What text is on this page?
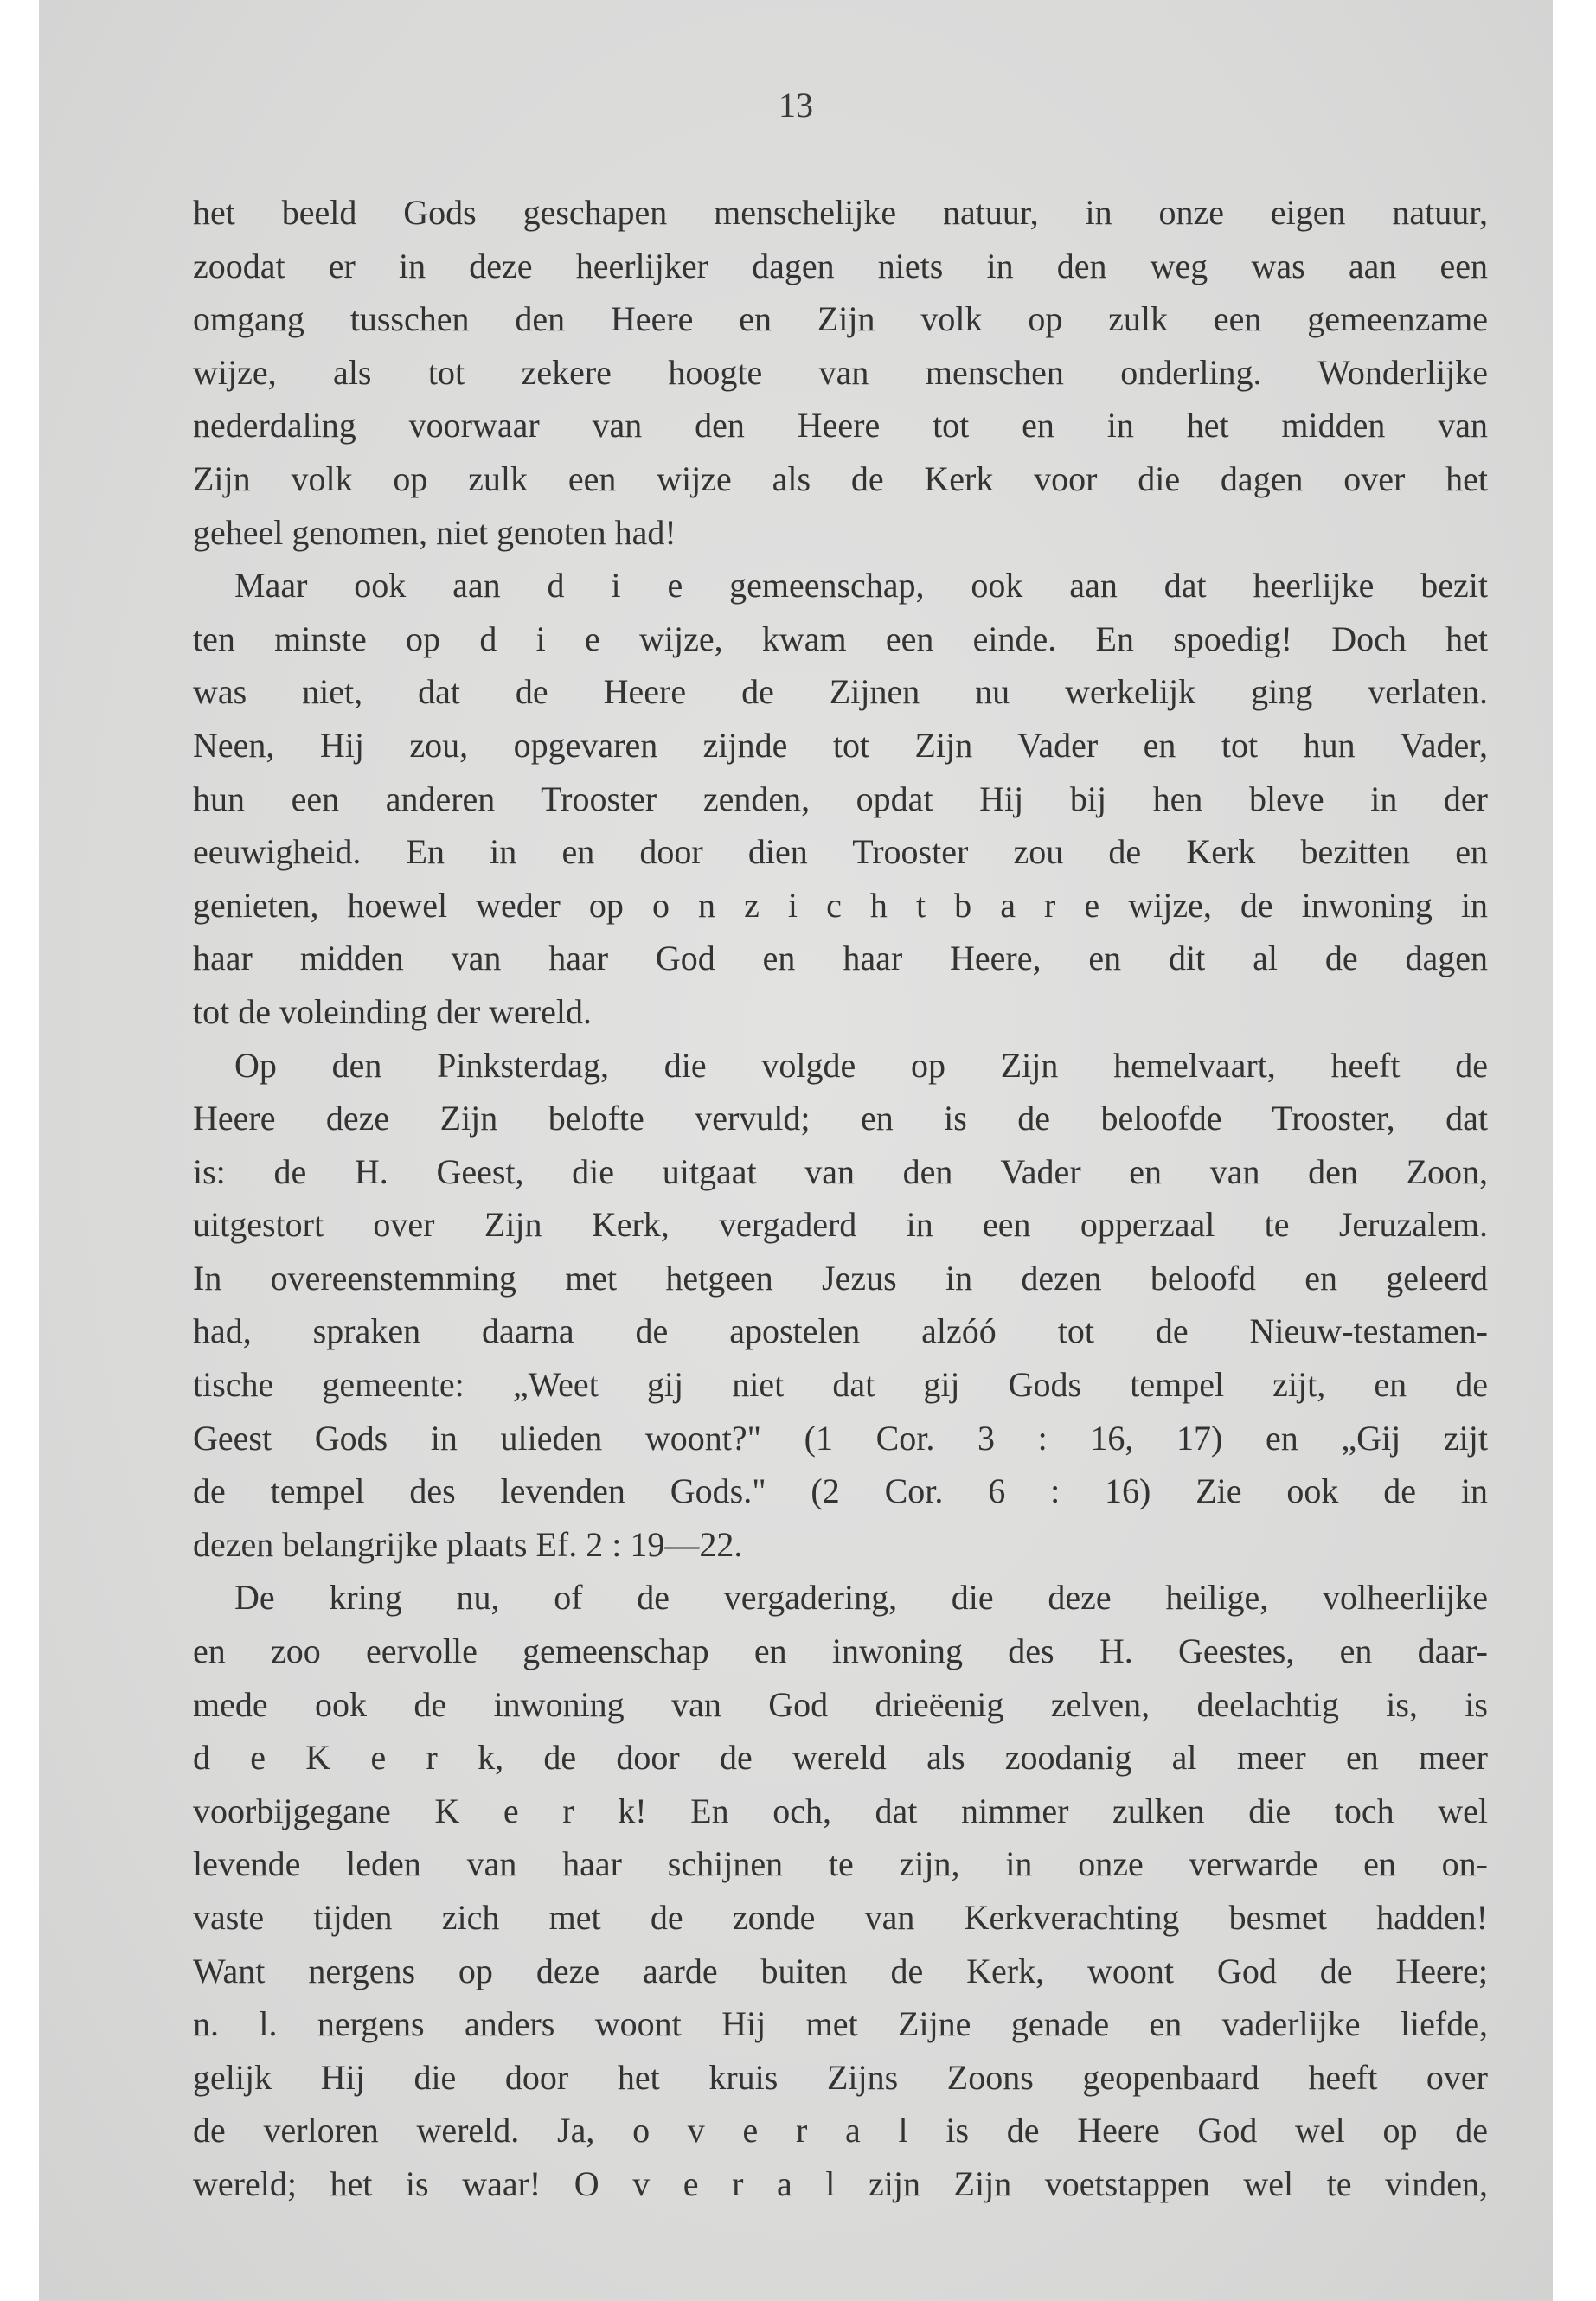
13
het beeld Gods geschapen menschelijke natuur, in onze eigen natuur,
zoodat er in deze heerlijker dagen niets in den weg was aan een
omgang tusschen den Heere en Zijn volk op zulk een gemeenzame
wijze, als tot zekere hoogte van menschen onderling. Wonderlijke
nederdaling voorwaar van den Heere tot en in het midden van
Zijn volk op zulk een wijze als de Kerk voor die dagen over het
geheel genomen, niet genoten had!
Maar ook aan d i e gemeenschap, ook aan dat heerlijke bezit
ten minste op d i e wijze, kwam een einde. En spoedig! Doch het
was niet, dat de Heere de Zijnen nu werkelijk ging verlaten.
Neen, Hij zou, opgevaren zijnde tot Zijn Vader en tot hun Vader,
hun een anderen Trooster zenden, opdat Hij bij hen bleve in der
eeuwigheid. En in en door dien Trooster zou de Kerk bezitten en
genieten, hoewel weder op o n z i c h t b a r e wijze, de inwoning in
haar midden van haar God en haar Heere, en dit al de dagen
tot de voleinding der wereld.
Op den Pinksterdag, die volgde op Zijn hemelvaart, heeft de
Heere deze Zijn belofte vervuld; en is de beloofde Trooster, dat
is: de H. Geest, die uitgaat van den Vader en van den Zoon,
uitgestort over Zijn Kerk, vergaderd in een opperzaal te Jeruzalem.
In overeenstemming met hetgeen Jezus in dezen beloofd en geleerd
had, spraken daarna de apostelen alzóó tot de Nieuw-testamen-
tische gemeente: „Weet gij niet dat gij Gods tempel zijt, en de
Geest Gods in ulieden woont?" (1 Cor. 3 : 16, 17) en „Gij zijt
de tempel des levenden Gods." (2 Cor. 6 : 16) Zie ook de in
dezen belangrijke plaats Ef. 2 : 19—22.
De kring nu, of de vergadering, die deze heilige, volheerlijke
en zoo eervolle gemeenschap en inwoning des H. Geestes, en daar-
mede ook de inwoning van God drieëenig zelven, deelachtig is, is
d e K e r k, de door de wereld als zoodanig al meer en meer
voorbijgegane K e r k! En och, dat nimmer zulken die toch wel
levende leden van haar schijnen te zijn, in onze verwarde en on-
vaste tijden zich met de zonde van Kerkverachting besmet hadden!
Want nergens op deze aarde buiten de Kerk, woont God de Heere;
n. l. nergens anders woont Hij met Zijne genade en vaderlijke liefde,
gelijk Hij die door het kruis Zijns Zoons geopenbaard heeft over
de verloren wereld. Ja, o v e r a l is de Heere God wel op de
wereld; het is waar! O v e r a l zijn Zijn voetstappen wel te vinden,
